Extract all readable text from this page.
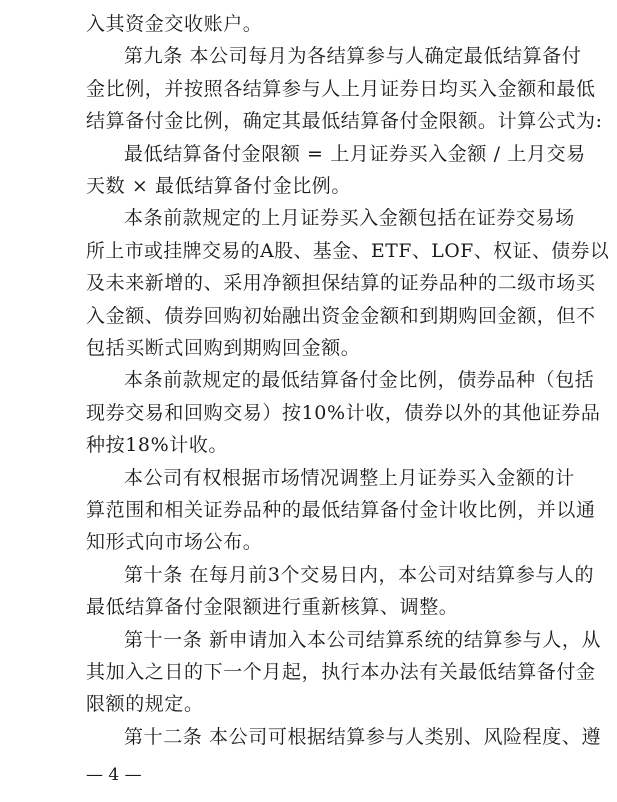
入其资金交收账户。
第九条 本公司每月为各结算参与人确定最低结算备付
金比例，并按照各结算参与人上月证券日均买入金额和最低
结算备付金比例，确定其最低结算备付金限额。计算公式为:
最低结算备付金限额 = 上月证券买入金额 / 上月交易
天数 × 最低结算备付金比例。
本条前款规定的上月证券买入金额包括在证券交易场
所上市或挂牌交易的A股、基金、ETF、LOF、权证、债券以
及未来新增的、采用净额担保结算的证券品种的二级市场买
入金额、债券回购初始融出资金金额和到期购回金额，但不
包括买断式回购到期购回金额。
本条前款规定的最低结算备付金比例，债券品种（包括
现券交易和回购交易）按10%计收，债券以外的其他证券品
种按18%计收。
本公司有权根据市场情况调整上月证券买入金额的计
算范围和相关证券品种的最低结算备付金计收比例，并以通
知形式向市场公布。
第十条 在每月前3个交易日内，本公司对结算参与人的
最低结算备付金限额进行重新核算、调整。
第十一条 新申请加入本公司结算系统的结算参与人，从
其加入之日的下一个月起，执行本办法有关最低结算备付金
限额的规定。
第十二条 本公司可根据结算参与人类别、风险程度、遵
— 4 —
